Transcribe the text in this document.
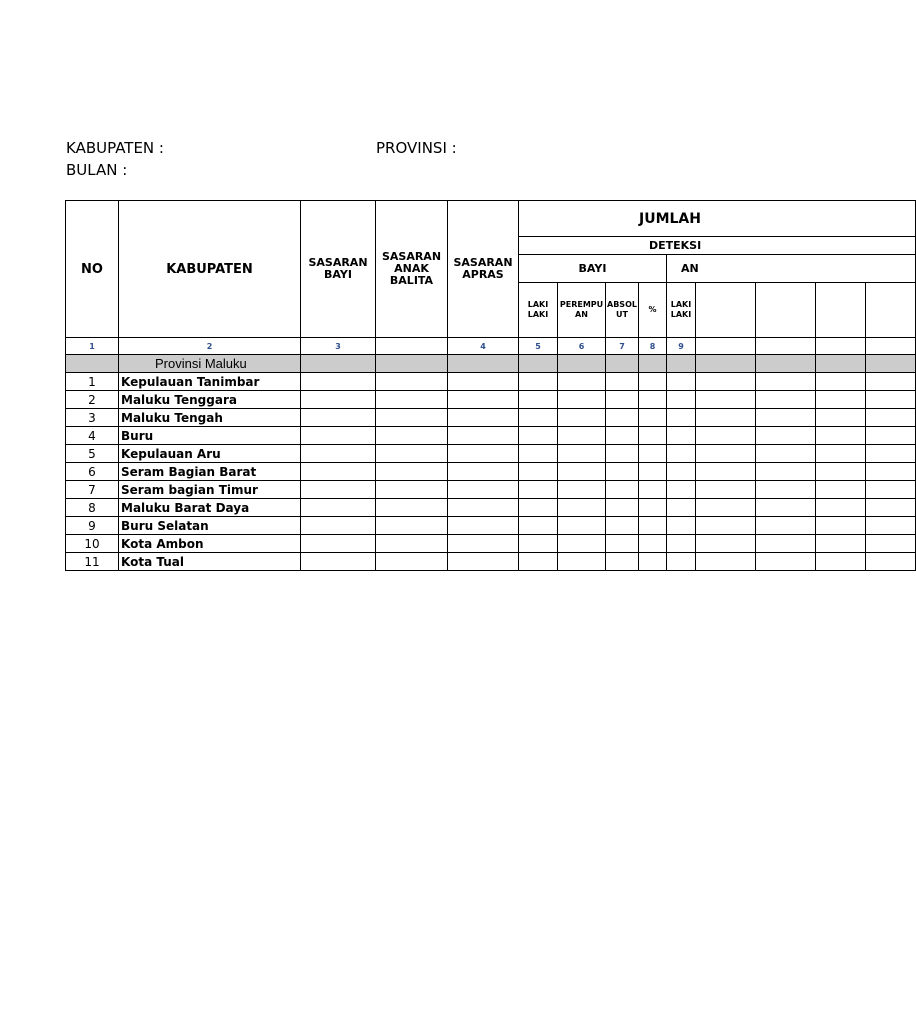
KABUPATEN :	PROVINSI :
BULAN :
NO	KABUPATEN	SASARAN BAYI	SASARAN ANAK BALITA	SASARAN APRAS	JUMLAH								
					DETEKSI								
					BAYI				AN				
					LAKI LAKI	PEREMPU AN	ABSOL UT	%	LAKI LAKI				
1	2	3		4	5	6	7	8	9				
	Provinsi Maluku												
1	Kepulauan Tanimbar												
2	Maluku Tenggara												
3	Maluku Tengah												
4	Buru												
5	Kepulauan Aru												
6	Seram Bagian Barat												
7	Seram bagian Timur												
8	Maluku Barat Daya												
9	Buru Selatan												
10	Kota Ambon												
11	Kota Tual												
